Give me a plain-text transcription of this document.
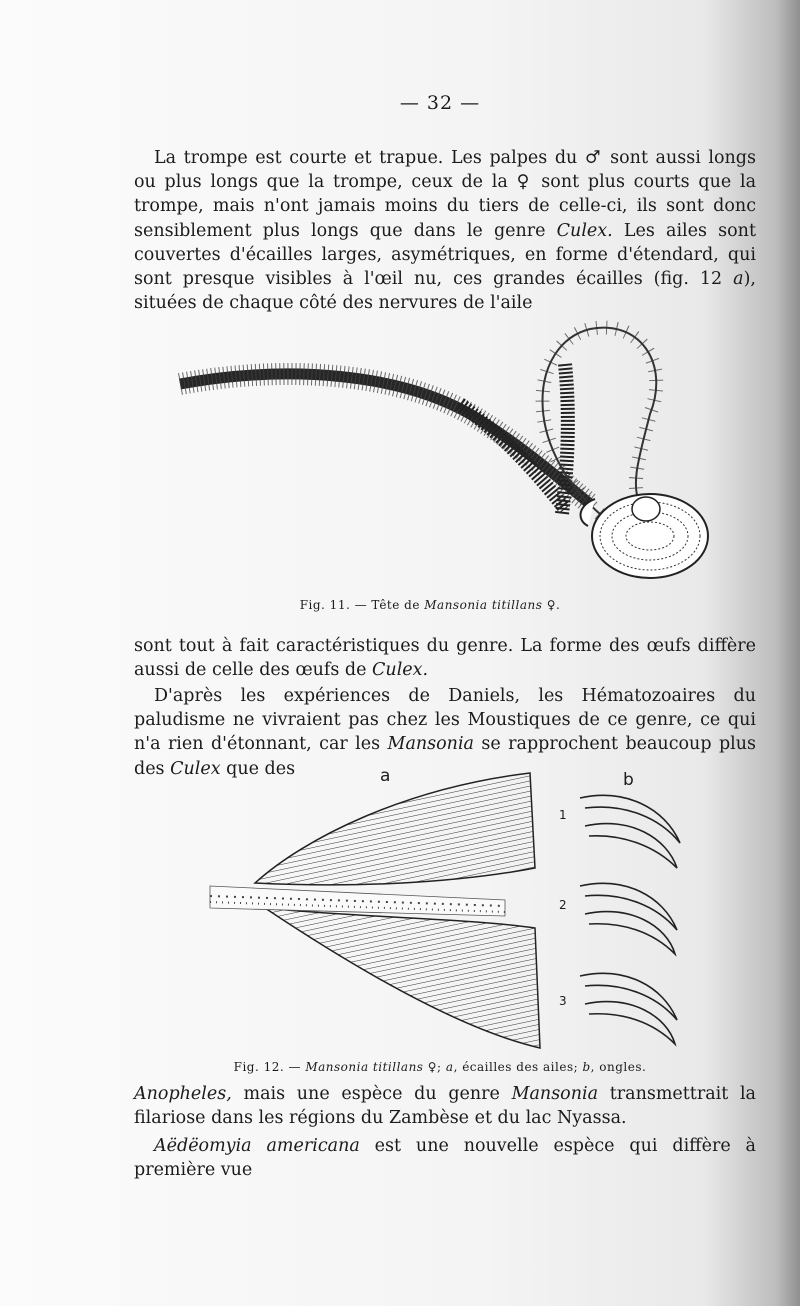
— 32 —

La trompe est courte et trapue. Les palpes du ♂ sont aussi longs ou plus longs que la trompe, ceux de la ♀ sont plus courts que la trompe, mais n'ont jamais moins du tiers de celle-ci, ils sont donc sensiblement plus longs que dans le genre Culex. Les ailes sont couvertes d'écailles larges, asymétriques, en forme d'étendard, qui sont presque visibles à l'œil nu, ces grandes écailles (fig. 12 a), situées de chaque côté des nervures de l'aile

Fig. 11. — Tête de Mansonia titillans ♀.

sont tout à fait caractéristiques du genre. La forme des œufs diffère aussi de celle des œufs de Culex.

D'après les expériences de Daniels, les Hématozoaires du paludisme ne vivraient pas chez les Moustiques de ce genre, ce qui n'a rien d'étonnant, car les Mansonia se rapprochent beaucoup plus des Culex que des	a	b
1
2
3
Fig. 12. — Mansonia titillans ♀; a, écailles des ailes; b, ongles.

Anopheles, mais une espèce du genre Mansonia transmettrait la filariose dans les régions du Zambèse et du lac Nyassa.

Aëdëomyia americana est une nouvelle espèce qui diffère à première vue
